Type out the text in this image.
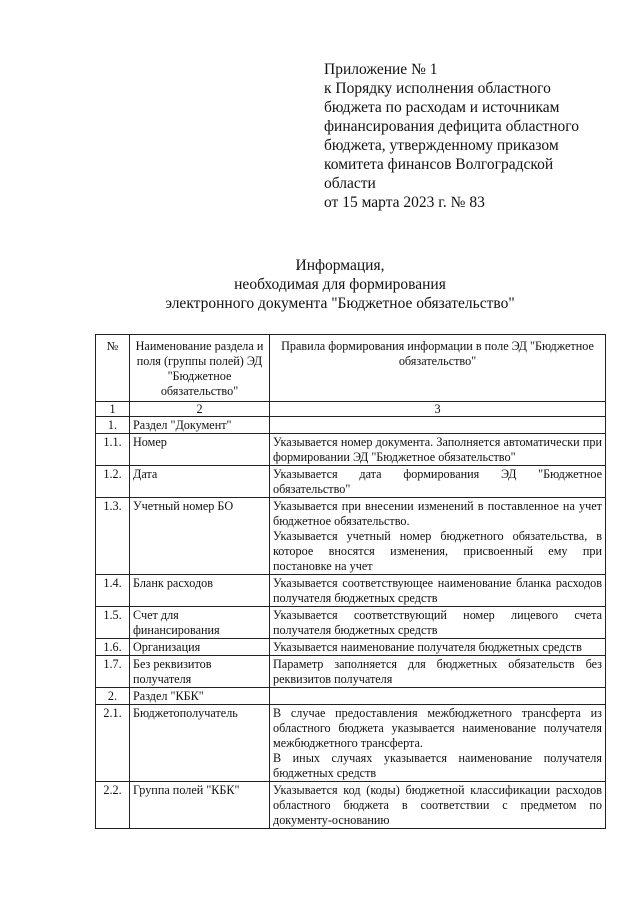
Приложение № 1
к Порядку исполнения областного
бюджета по расходам и источникам
финансирования дефицита областного
бюджета, утвержденному приказом
комитета финансов Волгоградской
области
от 15 марта 2023 г. № 83
Информация,
необходимая для формирования
электронного документа "Бюджетное обязательство"
№	Наименование раздела и поля (группы полей) ЭД "Бюджетное обязательство"	Правила формирования информации в поле ЭД "Бюджетное обязательство"
1	2	3
1.	Раздел "Документ"	
1.1.	Номер	Указывается номер документа. Заполняется автоматически при формировании ЭД "Бюджетное обязательство"
1.2.	Дата	Указывается дата формирования ЭД "Бюджетное обязательство"
1.3.	Учетный номер БО	Указывается при внесении изменений в поставленное на учет бюджетное обязательство.
Указывается учетный номер бюджетного обязательства, в которое вносятся изменения, присвоенный ему при постановке на учет

1.4.	Бланк расходов	Указывается соответствующее наименование бланка расходов получателя бюджетных средств
1.5.	Счет для финансирования	Указывается соответствующий номер лицевого счета получателя бюджетных средств
1.6.	Организация	Указывается наименование получателя бюджетных средств
1.7.	Без реквизитов получателя	Параметр заполняется для бюджетных обязательств без реквизитов получателя
2.	Раздел "КБК"	
2.1.	Бюджетополучатель	В случае предоставления межбюджетного трансферта из областного бюджета указывается наименование получателя межбюджетного трансферта.
В иных случаях указывается наименование получателя бюджетных средств

2.2.	Группа полей "КБК"	Указывается код (коды) бюджетной классификации расходов областного бюджета в соответствии с предметом по документу-основанию
